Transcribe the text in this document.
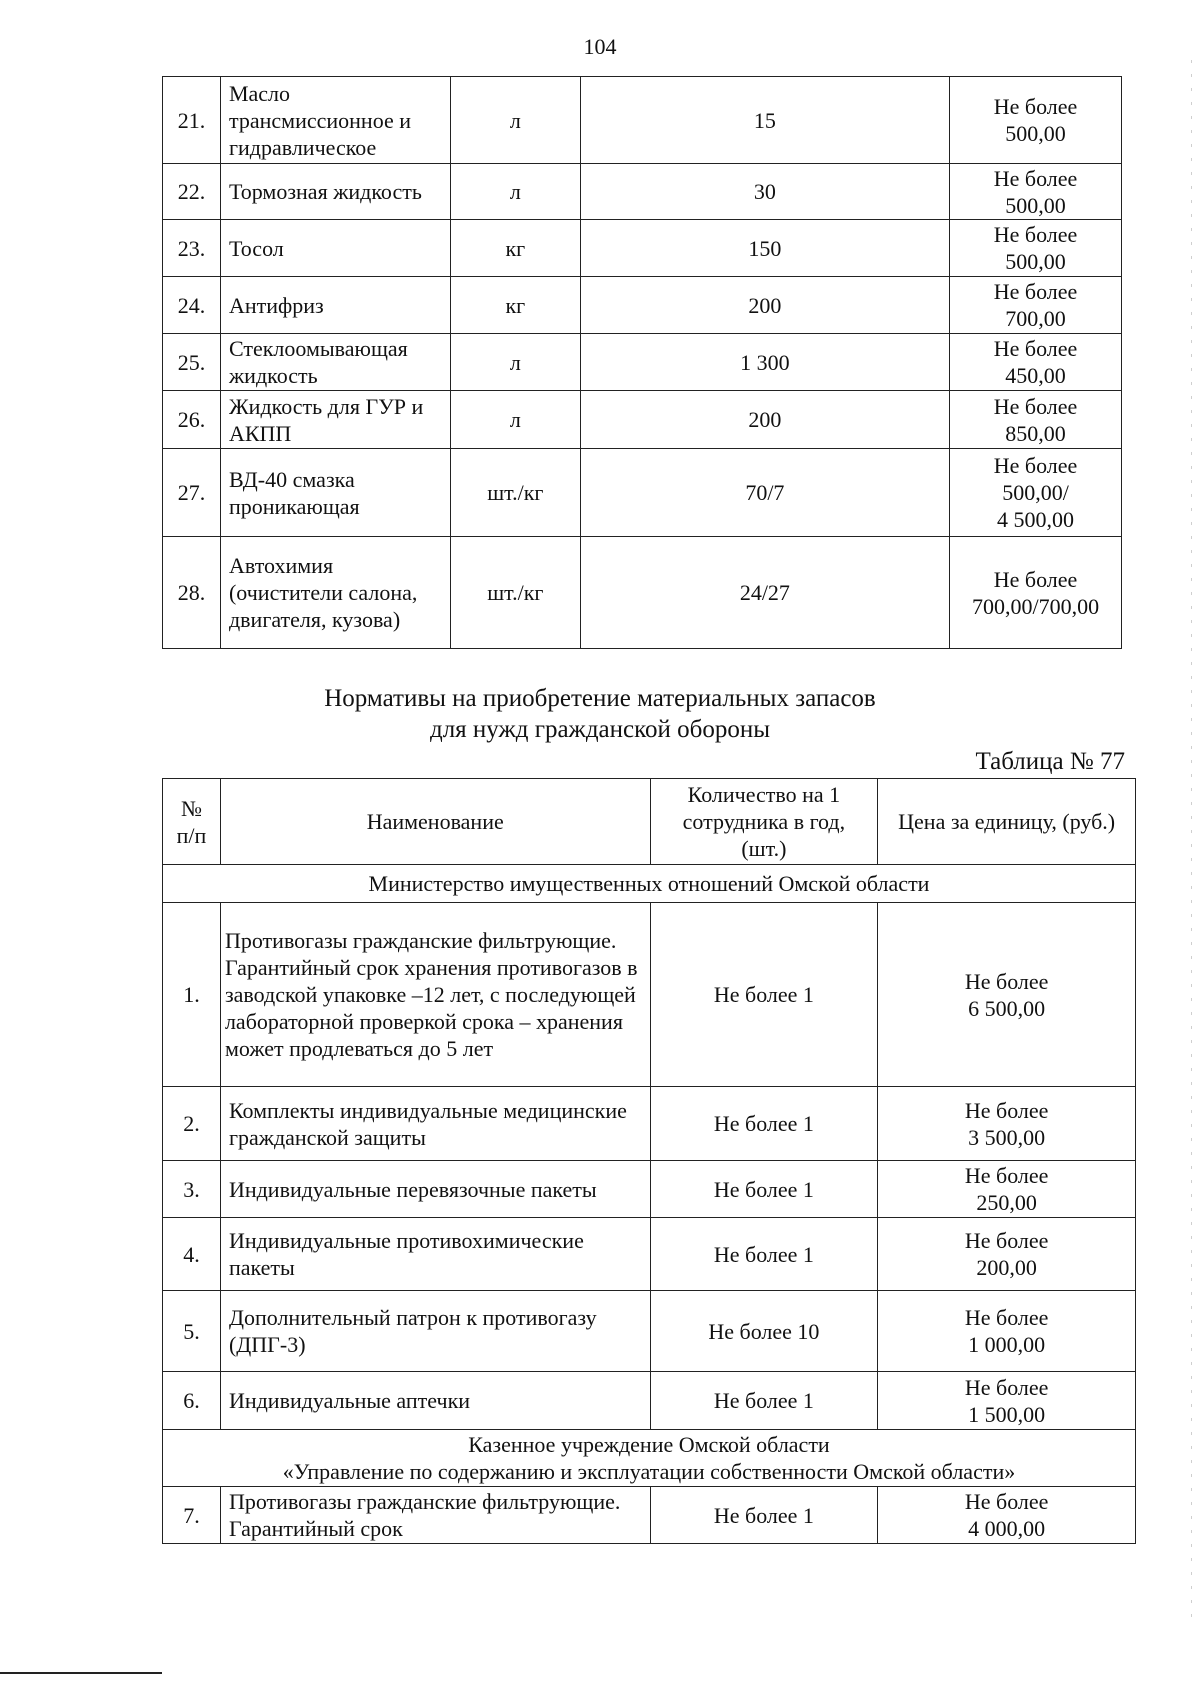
104
21.	Масло трансмиссионное и гидравлическое	л	15	Не более
500,00

22.	Тормозная жидкость	л	30	Не более
500,00

23.	Тосол	кг	150	Не более
500,00

24.	Антифриз	кг	200	Не более
700,00

25.	Стеклоомывающая жидкость	л	1 300	Не более
450,00

26.	Жидкость для ГУР и АКПП	л	200	Не более
850,00

27.	ВД-40 смазка проникающая	шт./кг	70/7	Не более
500,00/
4 500,00

28.	Автохимия (очистители салона, двигателя, кузова)	шт./кг	24/27	Не более
700,00/700,00
Нормативы на приобретение материальных запасов
для нужд гражданской обороны
Таблица № 77
№ п/п	Наименование	Количество на 1 сотрудника в год, (шт.)	Цена за единицу, (руб.)
Министерство имущественных отношений Омской области			
1.	Противогазы гражданские фильтрующие. Гарантийный срок хранения противогазов в заводской упаковке –12 лет, с последующей лабораторной проверкой срока – хранения может продлеваться до 5 лет	Не более 1	Не более
6 500,00

2.	Комплекты индивидуальные медицинские гражданской защиты	Не более 1	Не более
3 500,00

3.	Индивидуальные перевязочные пакеты	Не более 1	Не более
250,00

4.	Индивидуальные противохимические пакеты	Не более 1	Не более
200,00

5.	Дополнительный патрон к противогазу (ДПГ-3)	Не более 10	Не более
1 000,00

6.	Индивидуальные аптечки	Не более 1	Не более
1 500,00

Казенное учреждение Омской области
«Управление по содержанию и эксплуатации собственности Омской области»			

7.	Противогазы гражданские фильтрующие. Гарантийный срок	Не более 1	Не более
4 000,00
